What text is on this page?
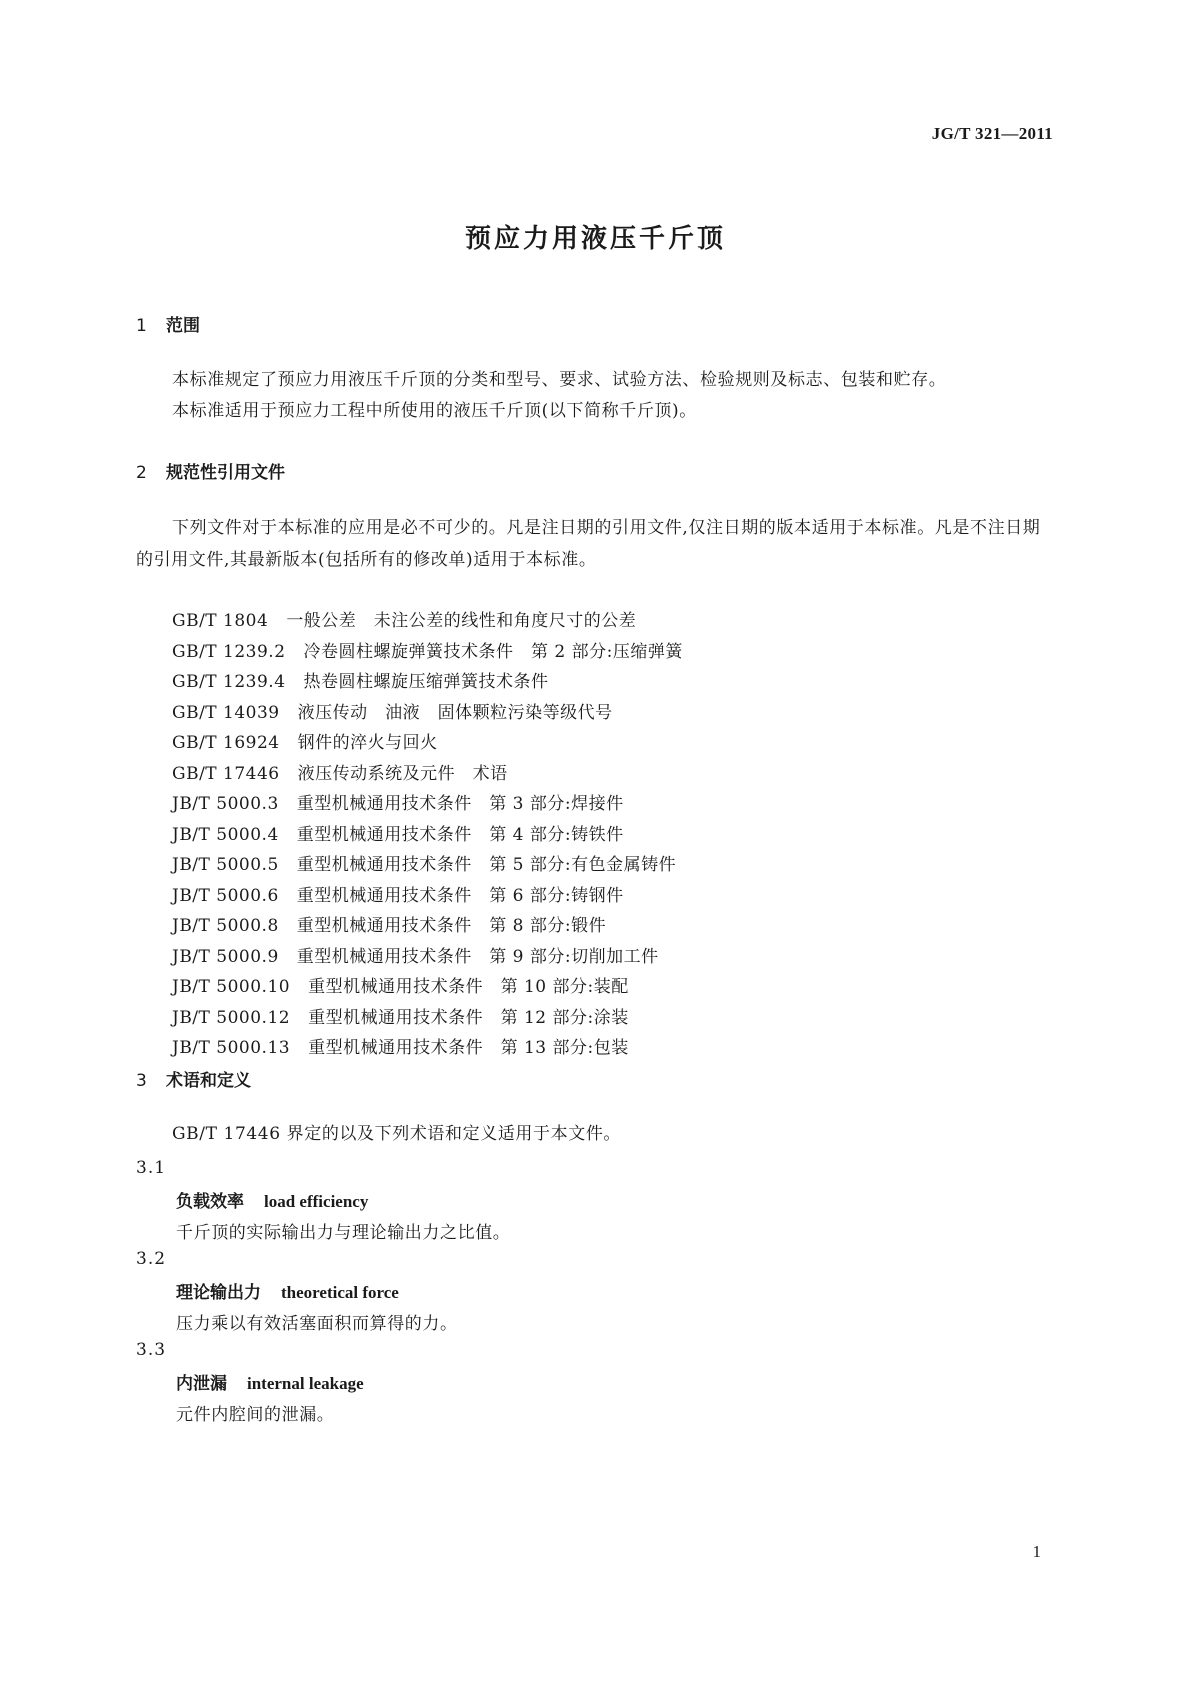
JG/T 321—2011
预应力用液压千斤顶
1 范围
本标准规定了预应力用液压千斤顶的分类和型号、要求、试验方法、检验规则及标志、包装和贮存。
本标准适用于预应力工程中所使用的液压千斤顶(以下简称千斤顶)。
2 规范性引用文件
下列文件对于本标准的应用是必不可少的。凡是注日期的引用文件,仅注日期的版本适用于本标准。凡是不注日期的引用文件,其最新版本(包括所有的修改单)适用于本标准。
GB/T 1804 一般公差　未注公差的线性和角度尺寸的公差
GB/T 1239.2 冷卷圆柱螺旋弹簧技术条件　第 2 部分:压缩弹簧
GB/T 1239.4 热卷圆柱螺旋压缩弹簧技术条件
GB/T 14039 液压传动　油液　固体颗粒污染等级代号
GB/T 16924 钢件的淬火与回火
GB/T 17446 液压传动系统及元件　术语
JB/T 5000.3 重型机械通用技术条件　第 3 部分:焊接件
JB/T 5000.4 重型机械通用技术条件　第 4 部分:铸铁件
JB/T 5000.5 重型机械通用技术条件　第 5 部分:有色金属铸件
JB/T 5000.6 重型机械通用技术条件　第 6 部分:铸钢件
JB/T 5000.8 重型机械通用技术条件　第 8 部分:锻件
JB/T 5000.9 重型机械通用技术条件　第 9 部分:切削加工件
JB/T 5000.10 重型机械通用技术条件　第 10 部分:装配
JB/T 5000.12 重型机械通用技术条件　第 12 部分:涂装
JB/T 5000.13 重型机械通用技术条件　第 13 部分:包装
3 术语和定义
GB/T 17446 界定的以及下列术语和定义适用于本文件。
3.1
负载效率 load efficiency
千斤顶的实际输出力与理论输出力之比值。
3.2
理论输出力 theoretical force
压力乘以有效活塞面积而算得的力。
3.3
内泄漏 internal leakage
元件内腔间的泄漏。
1
